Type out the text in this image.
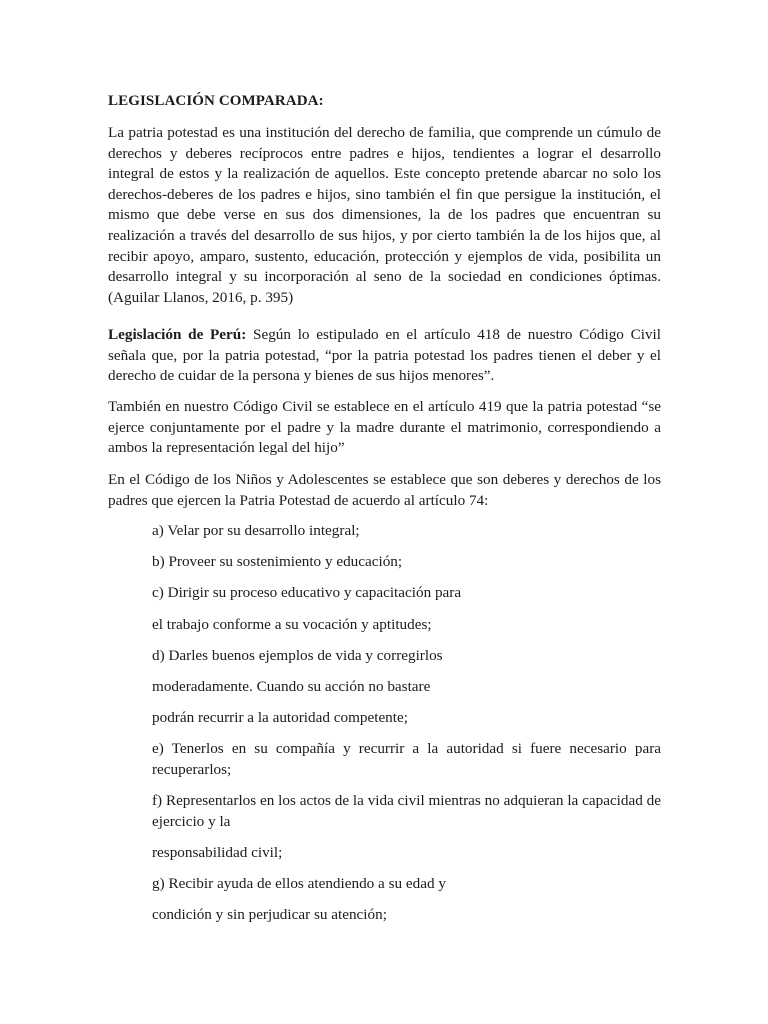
LEGISLACIÓN COMPARADA:
La patria potestad es una institución del derecho de familia, que comprende un cúmulo de derechos y deberes recíprocos entre padres e hijos, tendientes a lograr el desarrollo integral de estos y la realización de aquellos. Este concepto pretende abarcar no solo los derechos-deberes de los padres e hijos, sino también el fin que persigue la institución, el mismo que debe verse en sus dos dimensiones, la de los padres que encuentran su realización a través del desarrollo de sus hijos, y por cierto también la de los hijos que, al recibir apoyo, amparo, sustento, educación, protección y ejemplos de vida, posibilita un desarrollo integral y su incorporación al seno de la sociedad en condiciones óptimas. (Aguilar Llanos, 2016, p. 395)
Legislación de Perú: Según lo estipulado en el artículo 418 de nuestro Código Civil señala que, por la patria potestad, “por la patria potestad los padres tienen el deber y el derecho de cuidar de la persona y bienes de sus hijos menores”.
También en nuestro Código Civil se establece en el artículo 419 que la patria potestad “se ejerce conjuntamente por el padre y la madre durante el matrimonio, correspondiendo a ambos la representación legal del hijo”
En el Código de los Niños y Adolescentes se establece que son deberes y derechos de los padres que ejercen la Patria Potestad de acuerdo al artículo 74:
a) Velar por su desarrollo integral;
b) Proveer su sostenimiento y educación;
c) Dirigir su proceso educativo y capacitación para
el trabajo conforme a su vocación y aptitudes;
d) Darles buenos ejemplos de vida y corregirlos
moderadamente. Cuando su acción no bastare
podrán recurrir a la autoridad competente;
e) Tenerlos en su compañía y recurrir a la autoridad si fuere necesario para recuperarlos;
f) Representarlos en los actos de la vida civil mientras no adquieran la capacidad de ejercicio y la
responsabilidad civil;
g) Recibir ayuda de ellos atendiendo a su edad y
condición y sin perjudicar su atención;
